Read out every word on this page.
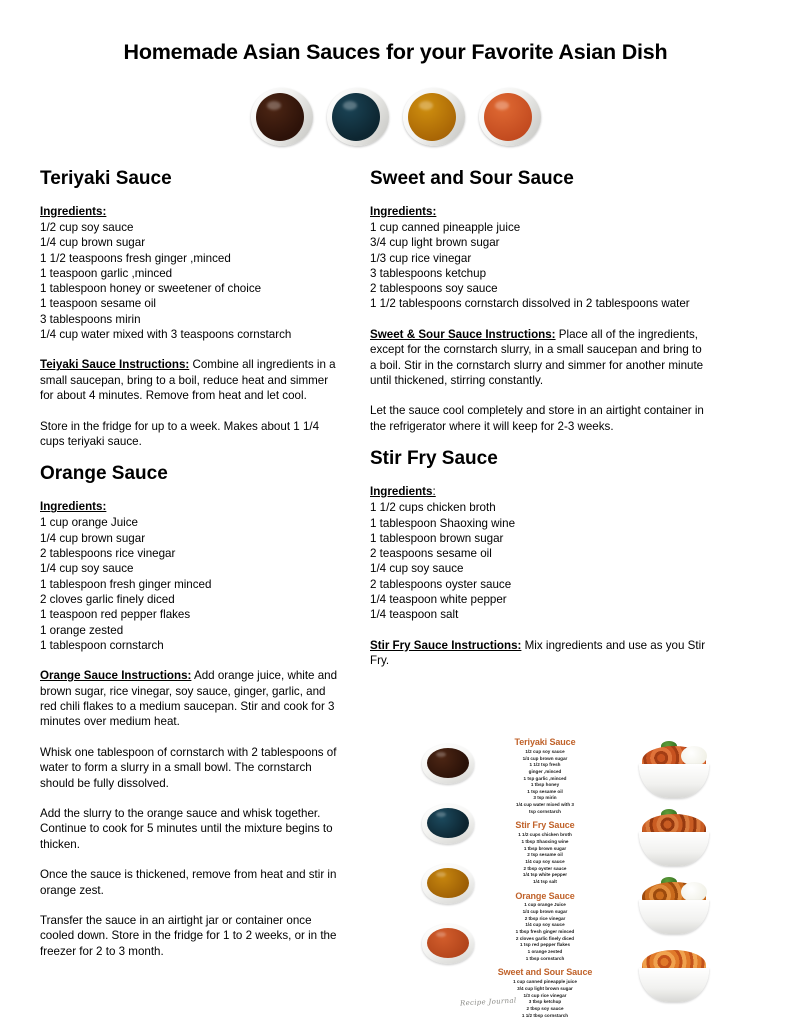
Homemade Asian Sauces for your Favorite Asian Dish
Teriyaki Sauce
Ingredients:
1/2 cup soy sauce
1/4 cup brown sugar
1 1/2 teaspoons fresh ginger ,minced
1 teaspoon garlic ,minced
1 tablespoon honey or sweetener of choice
1 teaspoon sesame oil
3 tablespoons mirin
1/4 cup water mixed with 3 teaspoons cornstarch

Teiyaki Sauce Instructions: Combine all ingredients in a small saucepan, bring to a boil, reduce heat and simmer for about 4 minutes. Remove from heat and let cool.

Store in the fridge for up to a week. Makes about 1 1/4 cups teriyaki sauce.

Orange Sauce
Ingredients:
1 cup orange Juice
1/4 cup brown sugar
2 tablespoons rice vinegar
1/4 cup soy sauce
1 tablespoon fresh ginger minced
2 cloves garlic finely diced
1 teaspoon red pepper flakes
1 orange zested
1 tablespoon cornstarch

Orange Sauce Instructions: Add orange juice, white and brown sugar, rice vinegar, soy sauce, ginger, garlic, and red chili flakes to a medium saucepan. Stir and cook for 3 minutes over medium heat.

Whisk one tablespoon of cornstarch with 2 tablespoons of water to form a slurry in a small bowl. The cornstarch should be fully dissolved.

Add the slurry to the orange sauce and whisk together. Continue to cook for 5 minutes until the mixture begins to thicken.

Once the sauce is thickened, remove from heat and stir in orange zest.

Transfer the sauce in an airtight jar or container once cooled down. Store in the fridge for 1 to 2 weeks, or in the freezer for 2 to 3 month.

Sweet and Sour Sauce
Ingredients:
1 cup canned pineapple juice
3/4 cup light brown sugar
1/3 cup rice vinegar
3 tablespoons ketchup
2 tablespoons soy sauce
1 1/2 tablespoons cornstarch dissolved in 2 tablespoons water

Sweet & Sour Sauce Instructions: Place all of the ingredients, except for the cornstarch slurry, in a small saucepan and bring to a boil. Stir in the cornstarch slurry and simmer for another minute until thickened, stirring constantly.

Let the sauce cool completely and store in an airtight container in the refrigerator where it will keep for 2-3 weeks.

Stir Fry Sauce
Ingredients:
1 1/2 cups chicken broth
1 tablespoon Shaoxing wine
1 tablespoon brown sugar
2 teaspoons sesame oil
1/4 cup soy sauce
2 tablespoons oyster sauce
1/4 teaspoon white pepper
1/4 teaspoon salt

Stir Fry Sauce Instructions: Mix ingredients and use as you Stir Fry.

Teriyaki Sauce
1/2 cup soy sauce
1/4 cup brown sugar
1 1/2 tsp fresh
ginger ,minced
1 tsp garlic ,minced
1 tbsp honey
1 tsp sesame oil
3 tsp mirin
1/4 cup water mixed with 3
tsp cornstarch
Stir Fry Sauce
1 1/2 cups chicken broth
1 tbsp Shaoxing wine
1 tbsp brown sugar
2 tsp sesame oil
1/4 cup soy sauce
2 tbsp oyster sauce
1/4 tsp white pepper
1/4 tsp salt
Orange Sauce
1 cup orange Juice
1/4 cup brown sugar
2 tbsp rice vinegar
1/4 cup soy sauce
1 tbsp fresh ginger minced
2 cloves garlic finely diced
1 tsp red pepper flakes
1 orange zested
1 tbsp cornstarch
Sweet and Sour Sauce
1 cup canned pineapple juice
3/4 cup light brown sugar
1/3 cup rice vinegar
3 tbsp ketchup
2 tbsp soy sauce
1 1/2 tbsp cornstarch
Recipe Journal
